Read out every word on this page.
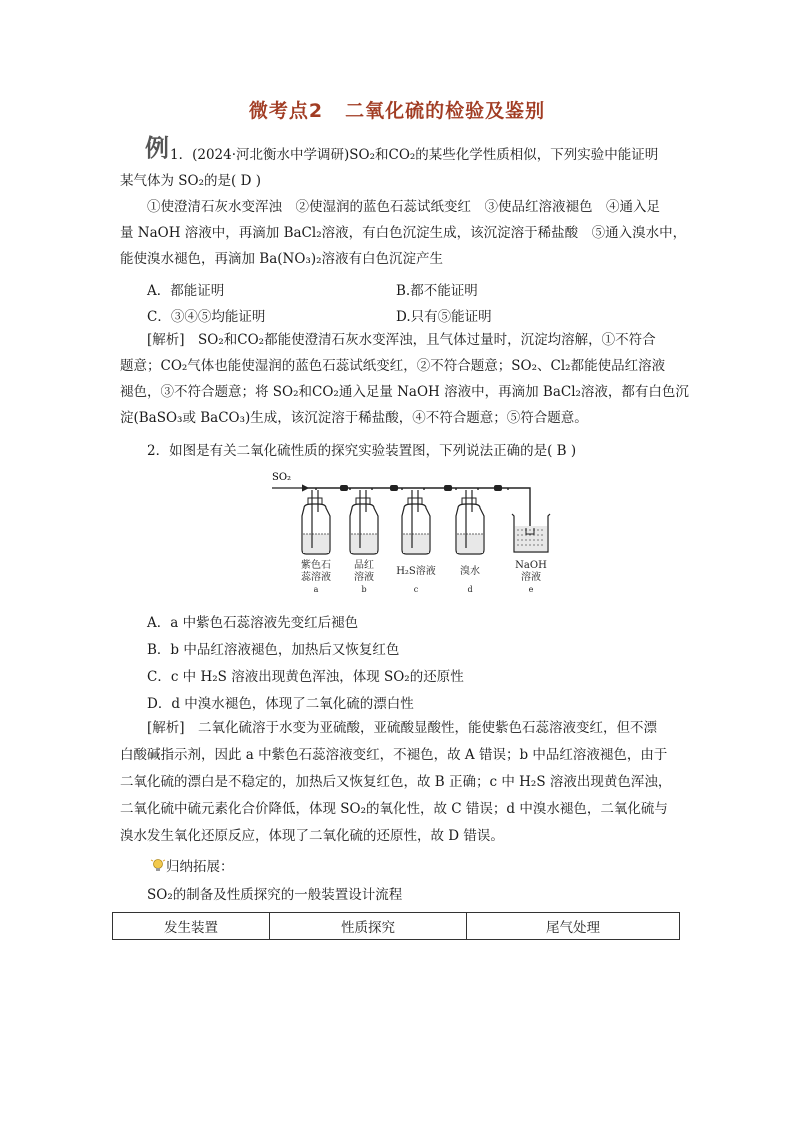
微考点2 二氧化硫的检验及鉴别
例 1．(2024·河北衡水中学调研)SO₂和CO₂的某些化学性质相似，下列实验中能证明
某气体为 SO₂的是( D )
①使澄清石灰水变浑浊　②使湿润的蓝色石蕊试纸变红　③使品红溶液褪色　④通入足
量 NaOH 溶液中，再滴加 BaCl₂溶液，有白色沉淀生成，该沉淀溶于稀盐酸　⑤通入溴水中，
能使溴水褪色，再滴加 Ba(NO₃)₂溶液有白色沉淀产生
A．都能证明	B.都不能证明
C．③④⑤均能证明	D.只有⑤能证明
[解析]　SO₂和CO₂都能使澄清石灰水变浑浊，且气体过量时，沉淀均溶解，①不符合
题意；CO₂气体也能使湿润的蓝色石蕊试纸变红，②不符合题意；SO₂、Cl₂都能使品红溶液
褪色，③不符合题意；将 SO₂和CO₂通入足量 NaOH 溶液中，再滴加 BaCl₂溶液，都有白色沉
淀(BaSO₃或 BaCO₃)生成，该沉淀溶于稀盐酸，④不符合题意；⑤符合题意。
2．如图是有关二氧化硫性质的探究实验装置图，下列说法正确的是( B )
SO₂
紫色石
蕊溶液
a
品红
溶液
b
H₂S溶液
c
溴水
d
NaOH
溶液
e
A．a 中紫色石蕊溶液先变红后褪色
B．b 中品红溶液褪色，加热后又恢复红色
C．c 中 H₂S 溶液出现黄色浑浊，体现 SO₂的还原性
D．d 中溴水褪色，体现了二氧化硫的漂白性
[解析]　二氧化硫溶于水变为亚硫酸，亚硫酸显酸性，能使紫色石蕊溶液变红，但不漂
白酸碱指示剂，因此 a 中紫色石蕊溶液变红，不褪色，故 A 错误；b 中品红溶液褪色，由于
二氧化硫的漂白是不稳定的，加热后又恢复红色，故 B 正确；c 中 H₂S 溶液出现黄色浑浊，
二氧化硫中硫元素化合价降低，体现 SO₂的氧化性，故 C 错误；d 中溴水褪色，二氧化硫与
溴水发生氧化还原反应，体现了二氧化硫的还原性，故 D 错误。
归纳拓展：
SO₂的制备及性质探究的一般装置设计流程
发生装置	性质探究	尾气处理
